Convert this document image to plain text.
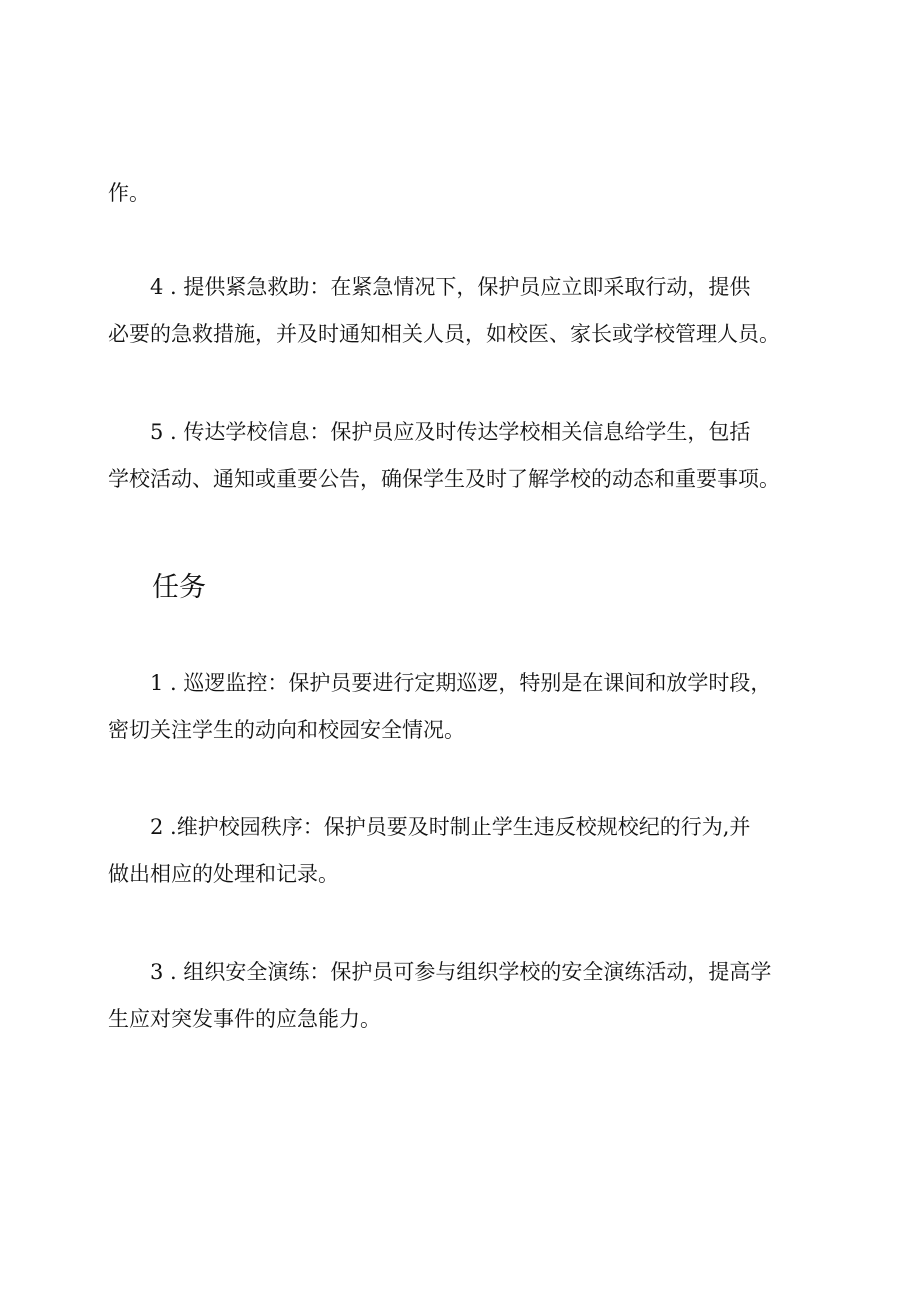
作。

4 . 提供紧急救助：在紧急情况下，保护员应立即采取行动，提供
必要的急救措施，并及时通知相关人员，如校医、家长或学校管理人员。

5 . 传达学校信息：保护员应及时传达学校相关信息给学生，包括
学校活动、通知或重要公告，确保学生及时了解学校的动态和重要事项。

任务

1 . 巡逻监控：保护员要进行定期巡逻，特别是在课间和放学时段，
密切关注学生的动向和校园安全情况。

2 .维护校园秩序：保护员要及时制止学生违反校规校纪的行为,并
做出相应的处理和记录。

3 . 组织安全演练：保护员可参与组织学校的安全演练活动，提高学
生应对突发事件的应急能力。
